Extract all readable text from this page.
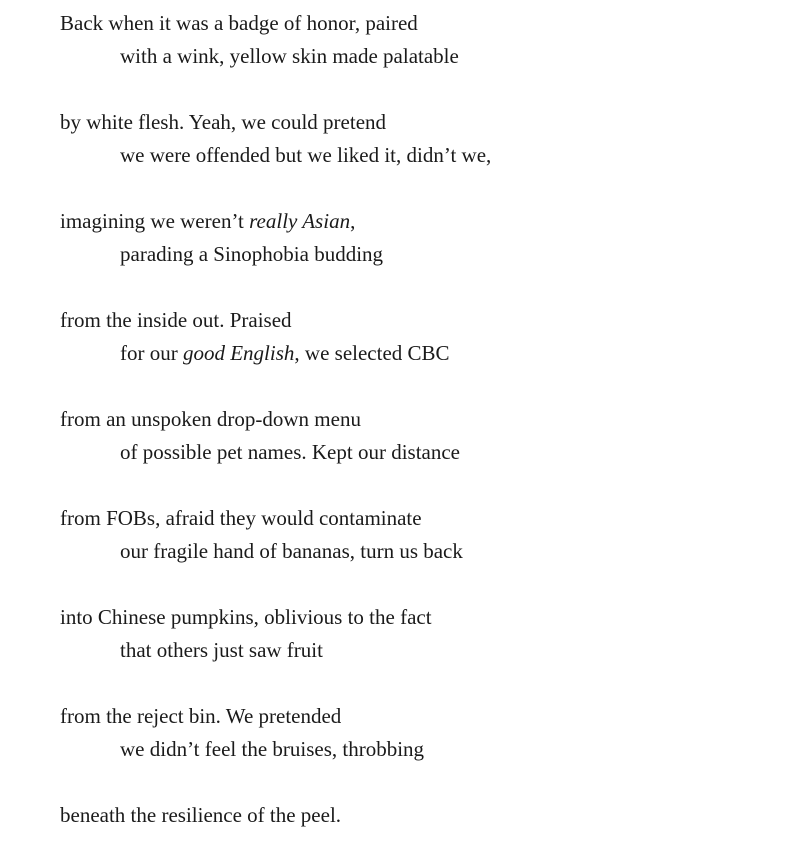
Back when it was a badge of honor, paired
with a wink, yellow skin made palatable
by white flesh. Yeah, we could pretend
we were offended but we liked it, didn’t we,
imagining we weren’t really Asian,
parading a Sinophobia budding
from the inside out. Praised
for our good English, we selected CBC
from an unspoken drop-down menu
of possible pet names. Kept our distance
from FOBs, afraid they would contaminate
our fragile hand of bananas, turn us back
into Chinese pumpkins, oblivious to the fact
that others just saw fruit
from the reject bin. We pretended
we didn’t feel the bruises, throbbing
beneath the resilience of the peel.
